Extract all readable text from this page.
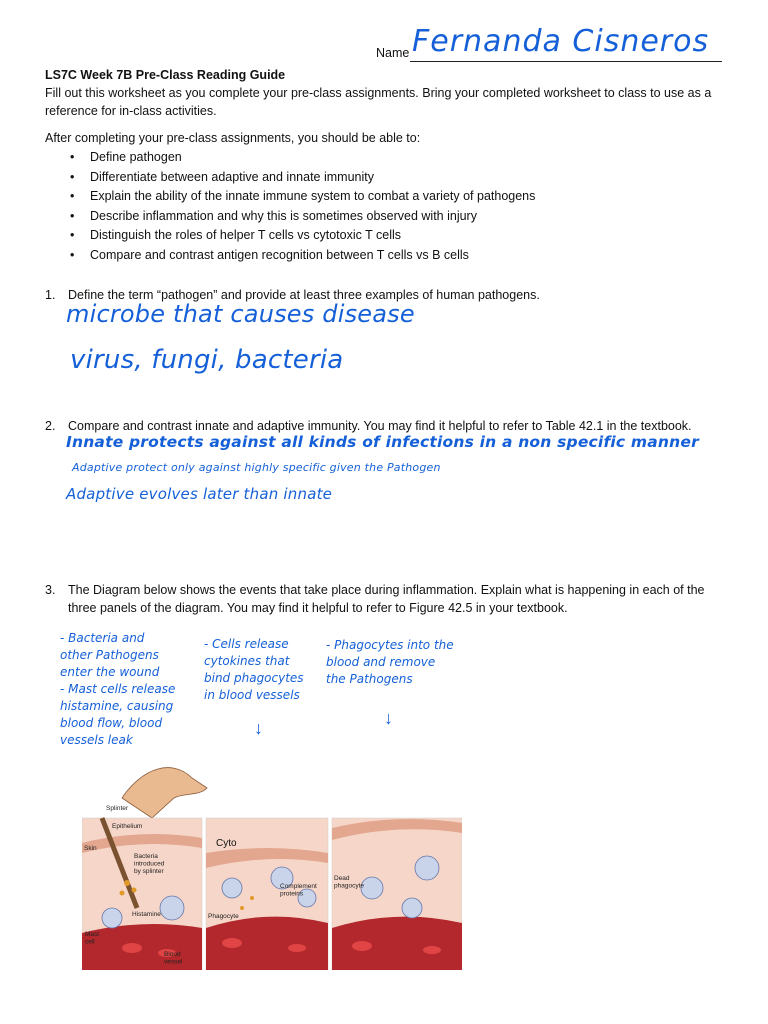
Name Fernanda Cisneros
LS7C Week 7B Pre-Class Reading Guide
Fill out this worksheet as you complete your pre-class assignments. Bring your completed worksheet to class to use as a reference for in-class activities.
After completing your pre-class assignments, you should be able to:
• Define pathogen
• Differentiate between adaptive and innate immunity
• Explain the ability of the innate immune system to combat a variety of pathogens
• Describe inflammation and why this is sometimes observed with injury
• Distinguish the roles of helper T cells vs cytotoxic T cells
• Compare and contrast antigen recognition between T cells vs B cells
1. Define the term “pathogen” and provide at least three examples of human pathogens.
microbe that causes disease
virus, fungi, bacteria
2. Compare and contrast innate and adaptive immunity. You may find it helpful to refer to Table 42.1 in the textbook.
Innate protects against all kinds of infections in a non specific manner
Adaptive protect only against highly specific given the Pathogen
Adaptive evolves later than innate
3. The Diagram below shows the events that take place during inflammation. Explain what is happening in each of the three panels of the diagram. You may find it helpful to refer to Figure 42.5 in your textbook.
- Bacteria and
other Pathogens
enter the wound
- Mast cells release
histamine, causing
blood flow, blood
vessels leak
- Cells release
cytokines that
bind phagocytes
in blood vessels
- Phagocytes into the
blood and remove
the Pathogens
↓	↓
Splinter
Epithelium
Skin
Bacteria introduced by splinter
Histamine
Mast cell
Blood vessel
Cyto
Complement proteins
Phagocyte
Dead phagocyte
